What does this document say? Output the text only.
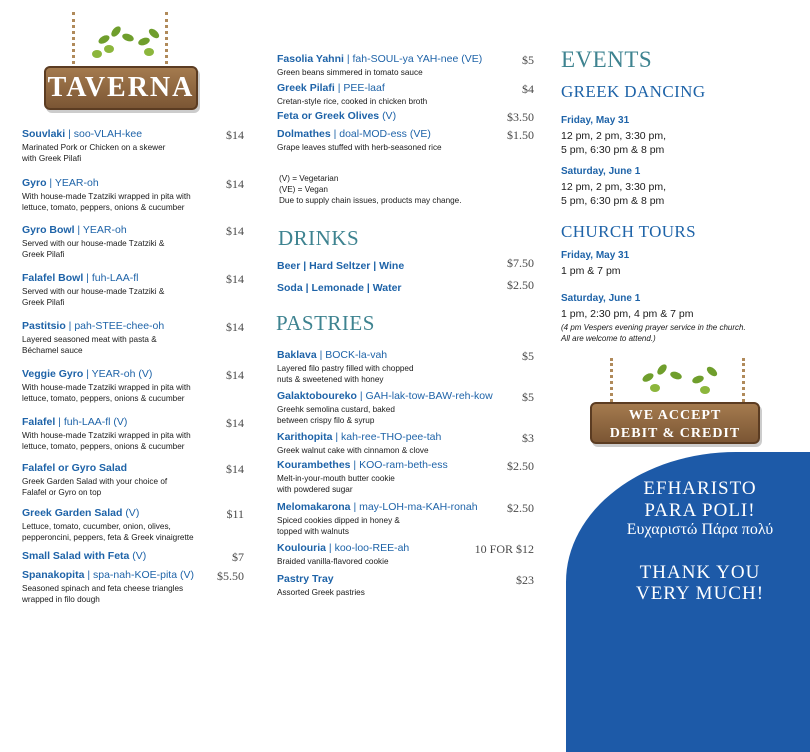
TAVERNA
Souvlaki | soo-VLAH-kee	$14
Marinated Pork or Chicken on a skewer
with Greek Pilafi
Gyro | YEAR-oh	$14
With house-made Tzatziki wrapped in pita with
lettuce, tomato, peppers, onions & cucumber
Gyro Bowl | YEAR-oh	$14
Served with our house-made Tzatziki &
Greek Pilafi
Falafel Bowl | fuh-LAA-fl	$14
Served with our house-made Tzatziki &
Greek Pilafi
Pastitsio | pah-STEE-chee-oh	$14
Layered seasoned meat with pasta &
Béchamel sauce
Veggie Gyro | YEAR-oh (V)	$14
With house-made Tzatziki wrapped in pita with
lettuce, tomato, peppers, onions & cucumber
Falafel | fuh-LAA-fl (V)	$14
With house-made Tzatziki wrapped in pita with
lettuce, tomato, peppers, onions & cucumber
Falafel or Gyro Salad	$14
Greek Garden Salad with your choice of
Falafel or Gyro on top
Greek Garden Salad (V)	$11
Lettuce, tomato, cucumber, onion, olives,
pepperoncini, peppers, feta & Greek vinaigrette
Small Salad with Feta (V)	$7
Spanakopita | spa-nah-KOE-pita (V)	$5.50
Seasoned spinach and feta cheese triangles
wrapped in filo dough
Fasolia Yahni | fah-SOUL-ya YAH-nee (VE)	$5
Green beans simmered in tomato sauce
Greek Pilafi | PEE-laaf	$4
Cretan-style rice, cooked in chicken broth
Feta or Greek Olives (V)	$3.50
Dolmathes | doal-MOD-ess (VE)	$1.50
Grape leaves stuffed with herb-seasoned rice
(V) = Vegetarian
(VE) = Vegan
Due to supply chain issues, products may change.
DRINKS
Beer | Hard Seltzer | Wine	$7.50
Soda | Lemonade | Water	$2.50
PASTRIES
Baklava | BOCK-la-vah	$5
Layered filo pastry filled with chopped
nuts & sweetened with honey
Galaktoboureko | GAH-lak-tow-BAW-reh-kow	$5
Greehk semolina custard, baked
between crispy filo & syrup
Karithopita | kah-ree-THO-pee-tah	$3
Greek walnut cake with cinnamon & clove
Kourambethes | KOO-ram-beth-ess	$2.50
Melt-in-your-mouth butter cookie
with powdered sugar
Melomakarona | may-LOH-ma-KAH-ronah	$2.50
Spiced cookies dipped in honey &
topped with walnuts
Koulouria | koo-loo-REE-ah	10 FOR $12
Braided vanilla-flavored cookie
Pastry Tray	$23
Assorted Greek pastries
EVENTS
GREEK DANCING
Friday, May 31
12 pm, 2 pm, 3:30 pm,
5 pm, 6:30 pm & 8 pm
Saturday, June 1
12 pm, 2 pm, 3:30 pm,
5 pm, 6:30 pm & 8 pm
CHURCH TOURS
Friday, May 31
1 pm & 7 pm
Saturday, June 1
1 pm, 2:30 pm, 4 pm & 7 pm
(4 pm Vespers evening prayer service in the church.
All are welcome to attend.)
WE ACCEPT
DEBIT & CREDIT
EFHARISTO
PARA POLI!
Ευχαριστώ Πάρα πολύ
THANK YOU
VERY MUCH!
